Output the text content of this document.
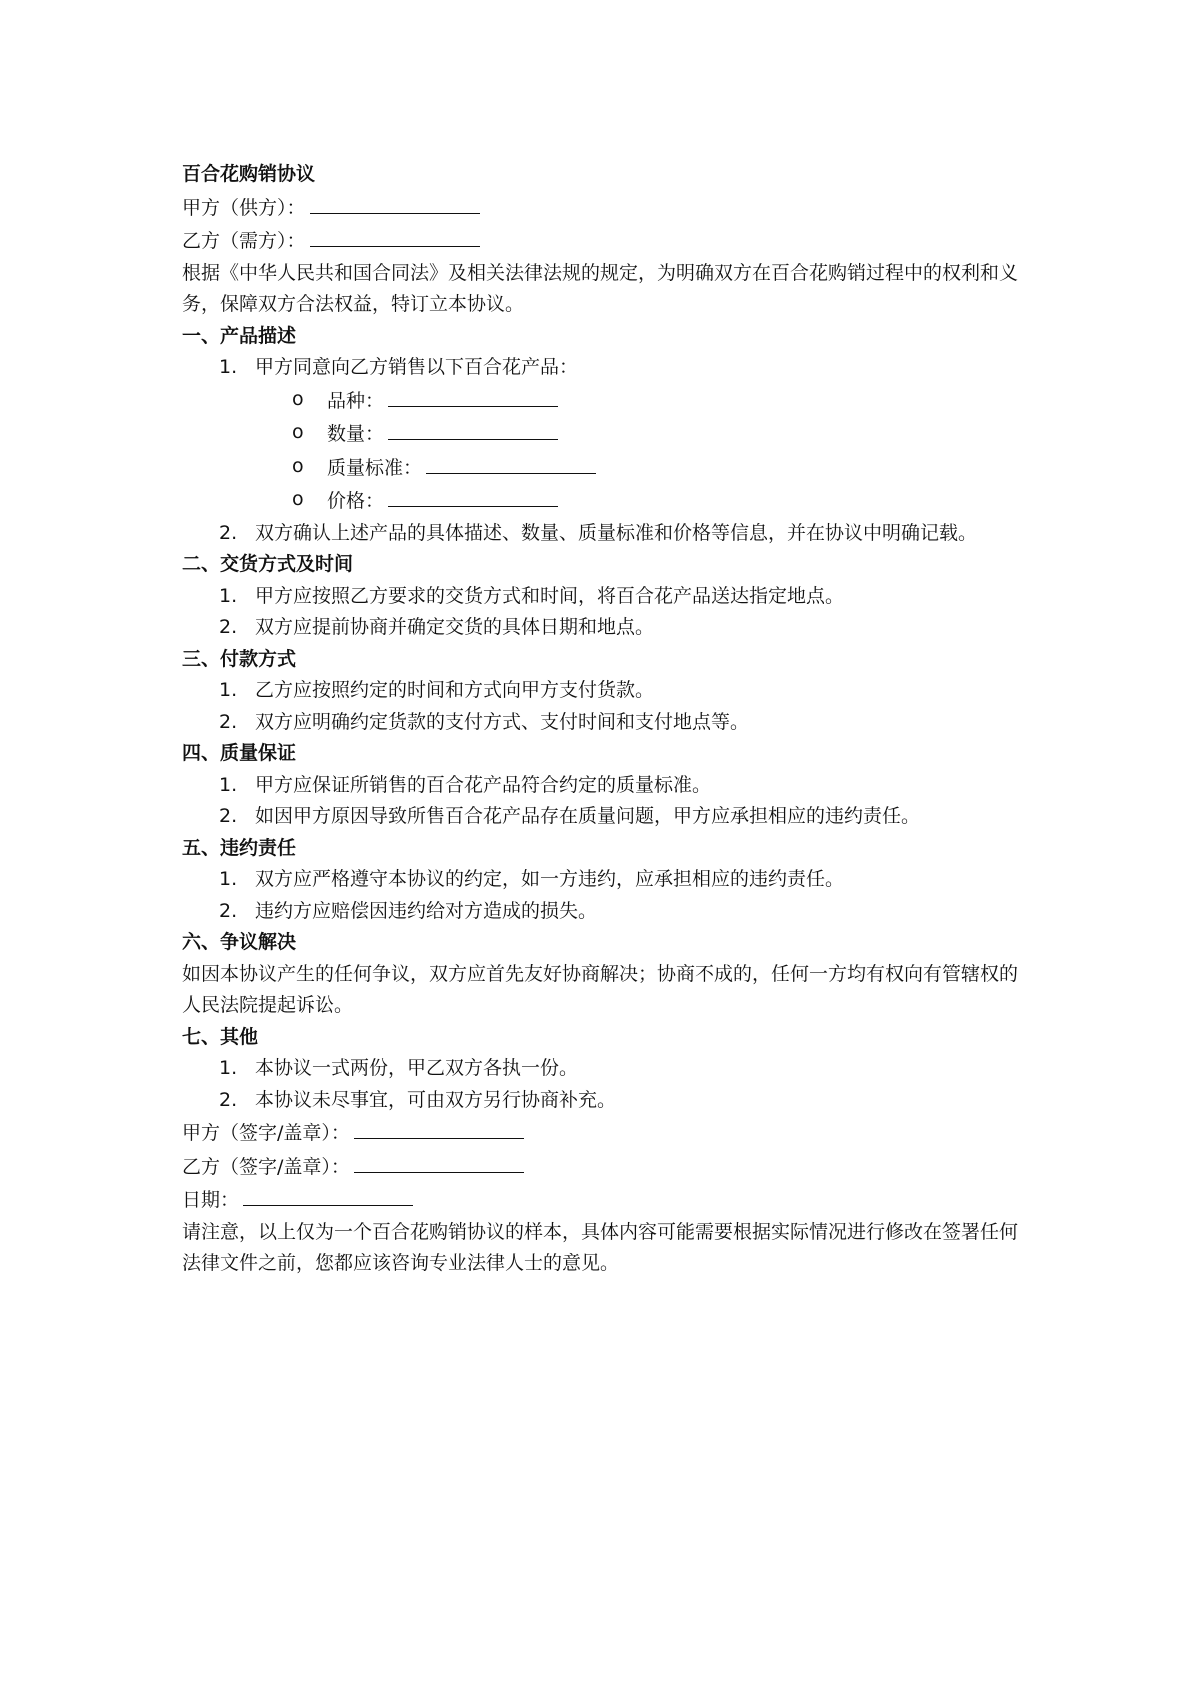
百合花购销协议

甲方（供方）：

乙方（需方）：

根据《中华人民共和国合同法》及相关法律法规的规定，为明确双方在百合花购销过程中的权利和义务，保障双方合法权益，特订立本协议。

一、产品描述

1. 甲方同意向乙方销售以下百合花产品：
o 品种：
o 数量：
o 质量标准：
o 价格：
2. 双方确认上述产品的具体描述、数量、质量标准和价格等信息，并在协议中明确记载。

二、交货方式及时间

1. 甲方应按照乙方要求的交货方式和时间，将百合花产品送达指定地点。
2. 双方应提前协商并确定交货的具体日期和地点。

三、付款方式

1. 乙方应按照约定的时间和方式向甲方支付货款。
2. 双方应明确约定货款的支付方式、支付时间和支付地点等。

四、质量保证

1. 甲方应保证所销售的百合花产品符合约定的质量标准。
2. 如因甲方原因导致所售百合花产品存在质量问题，甲方应承担相应的违约责任。

五、违约责任

1. 双方应严格遵守本协议的约定，如一方违约，应承担相应的违约责任。
2. 违约方应赔偿因违约给对方造成的损失。

六、争议解决

如因本协议产生的任何争议，双方应首先友好协商解决；协商不成的，任何一方均有权向有管辖权的人民法院提起诉讼。

七、其他

1. 本协议一式两份，甲乙双方各执一份。
2. 本协议未尽事宜，可由双方另行协商补充。

甲方（签字/盖章）：

乙方（签字/盖章）：

日期：

请注意，以上仅为一个百合花购销协议的样本，具体内容可能需要根据实际情况进行修改在签署任何法律文件之前，您都应该咨询专业法律人士的意见。
